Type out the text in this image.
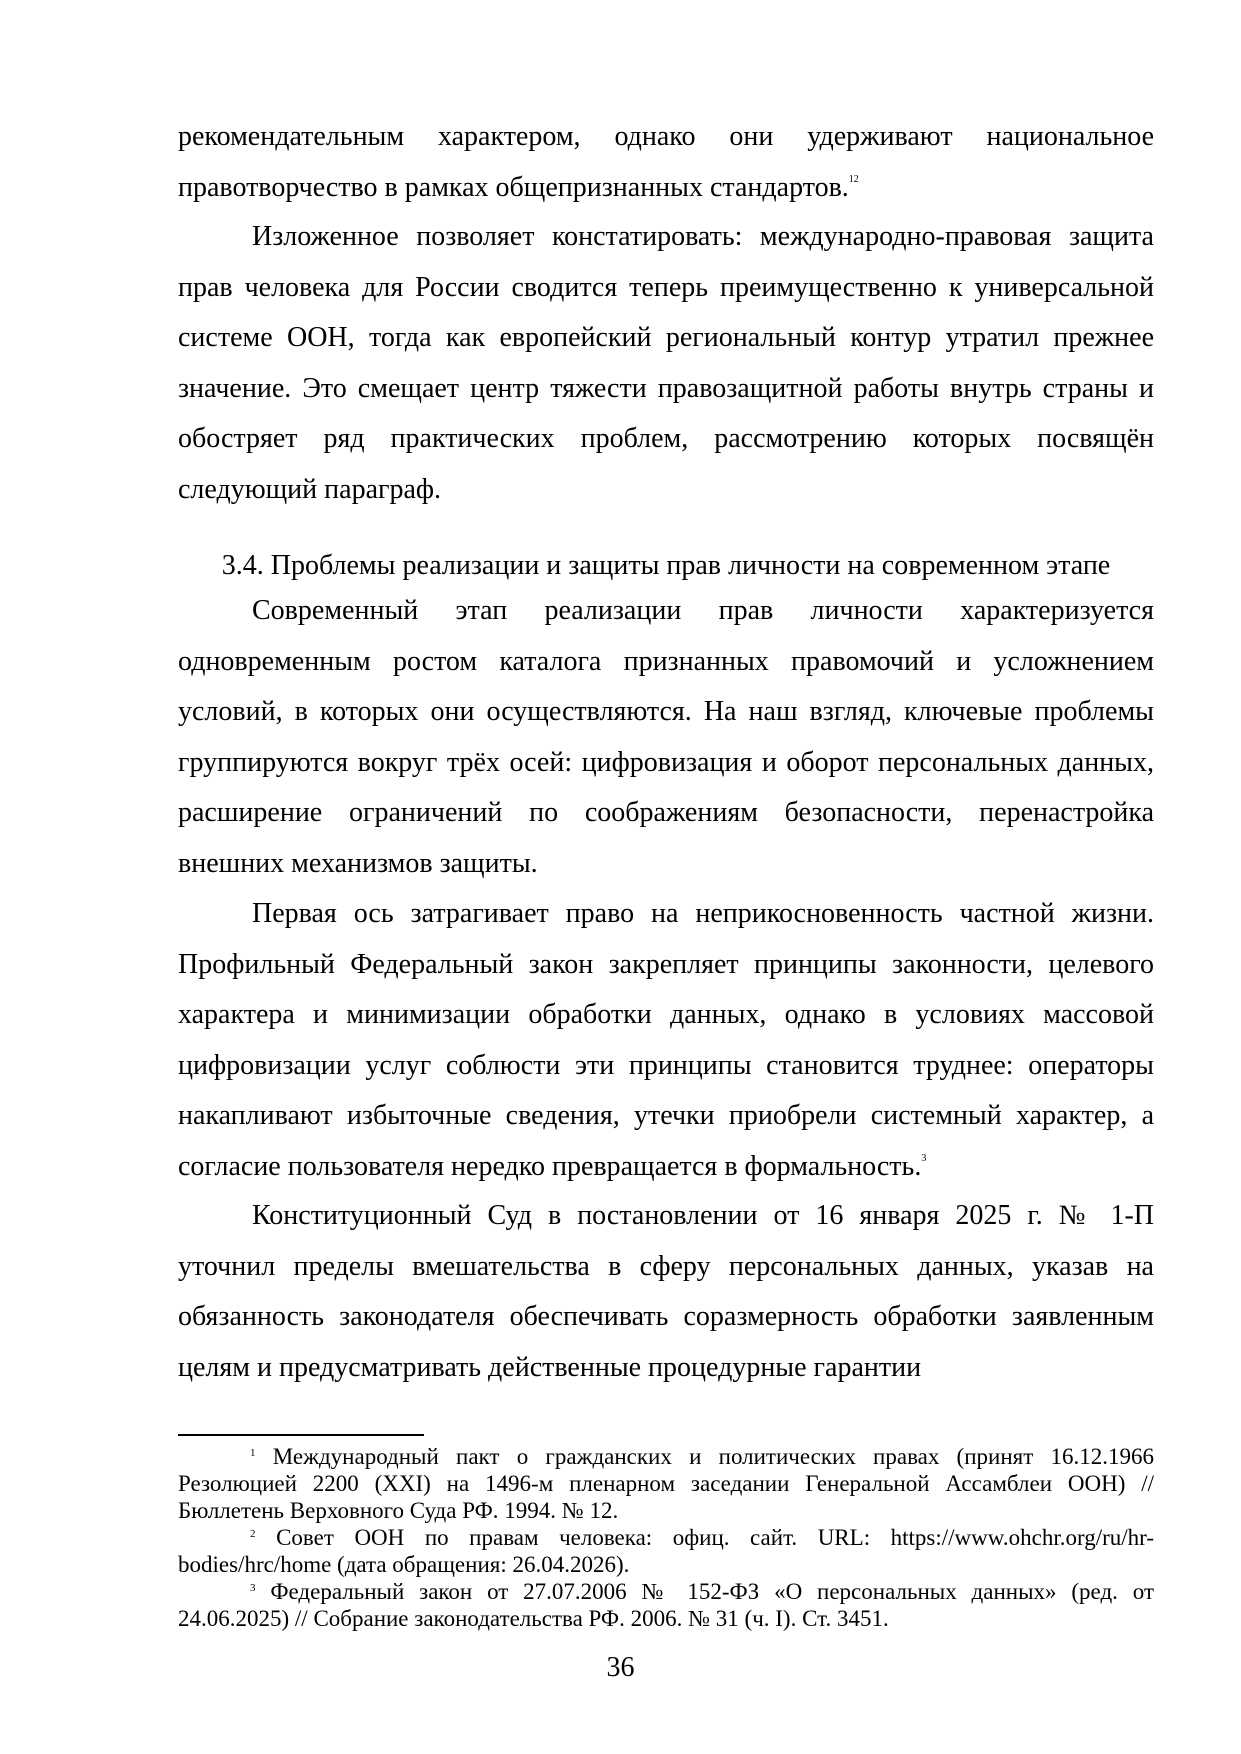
рекомендательным характером, однако они удерживают национальное правотворчество в рамках общепризнанных стандартов.$^{12}$

Изложенное позволяет констатировать: международно-правовая защита прав человека для России сводится теперь преимущественно к универсальной системе ООН, тогда как европейский региональный контур утратил прежнее значение. Это смещает центр тяжести правозащитной работы внутрь страны и обостряет ряд практических проблем, рассмотрению которых посвящён следующий параграф.

3.4. Проблемы реализации и защиты прав личности на современном этапе

Современный этап реализации прав личности характеризуется одновременным ростом каталога признанных правомочий и усложнением условий, в которых они осуществляются. На наш взгляд, ключевые проблемы группируются вокруг трёх осей: цифровизация и оборот персональных данных, расширение ограничений по соображениям безопасности, перенастройка внешних механизмов защиты.

Первая ось затрагивает право на неприкосновенность частной жизни. Профильный Федеральный закон закрепляет принципы законности, целевого характера и минимизации обработки данных, однако в условиях массовой цифровизации услуг соблюсти эти принципы становится труднее: операторы накапливают избыточные сведения, утечки приобрели системный характер, а согласие пользователя нередко превращается в формальность.$^3$

Конституционный Суд в постановлении от 16 января 2025 г. № 1-П уточнил пределы вмешательства в сферу персональных данных, указав на обязанность законодателя обеспечивать соразмерность обработки заявленным целям и предусматривать действенные процедурные гарантии

$^1$ Международный пакт о гражданских и политических правах (принят 16.12.1966 Резолюцией 2200 (XXI) на 1496-м пленарном заседании Генеральной Ассамблеи ООН) // Бюллетень Верховного Суда РФ. 1994. № 12.

$^2$ Совет ООН по правам человека: офиц. сайт. URL: https://www.ohchr.org/ru/hr-bodies/hrc/home (дата обращения: 26.04.2026).

$^3$ Федеральный закон от 27.07.2006 № 152-ФЗ «О персональных данных» (ред. от 24.06.2025) // Собрание законодательства РФ. 2006. № 31 (ч. I). Ст. 3451.

36
